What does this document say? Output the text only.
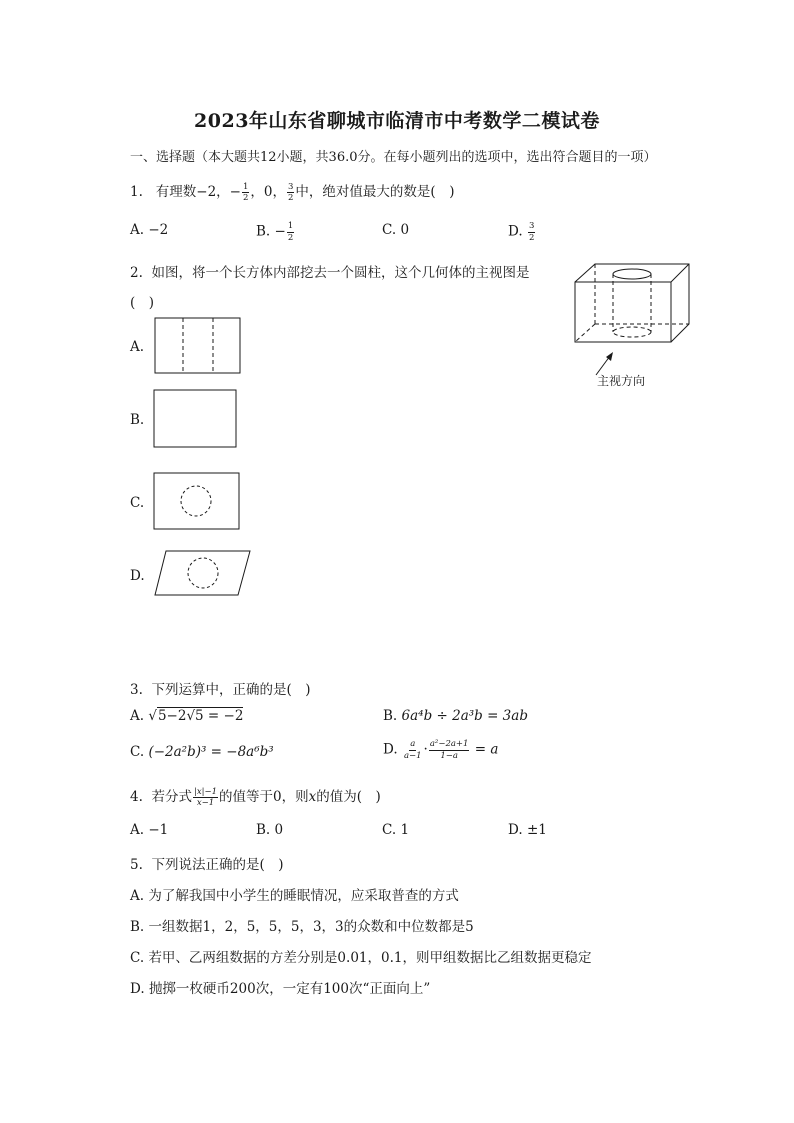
2023年山东省聊城市临清市中考数学二模试卷
一、选择题（本大题共12小题，共36.0分。在每小题列出的选项中，选出符合题目的一项）
1. 有理数−2，− $\frac{1}{2}$ ，0， $\frac{3}{2}$ 中，绝对值最大的数是(　)
A. −2	B. − $\frac{1}{2}$	C. 0	D. $\frac{3}{2}$
2. 如图，将一个长方体内部挖去一个圆柱，这个几何体的主视图是
(　)
主视方向
A.
B.
C.
D.
3. 下列运算中，正确的是(　)
A. √5−2√5 = −2	B. 6a⁴b ÷ 2a³b = 3ab
C. (−2a²b)³ = −8a⁶b³	D. $\frac{a}{a-1} \cdot \frac{\text{a²−2a+1}}{1-a} = a$
4. 若分式 $\frac{|x|-1}{x-1}$ 的值等于0，则x的值为(　)
A. −1	B. 0	C. 1	D. ±1
5. 下列说法正确的是(　)
A. 为了解我国中小学生的睡眠情况，应采取普查的方式
B. 一组数据1，2，5，5，5，3，3的众数和中位数都是5
C. 若甲、乙两组数据的方差分别是0.01，0.1，则甲组数据比乙组数据更稳定
D. 抛掷一枚硬币200次，一定有100次“正面向上”
